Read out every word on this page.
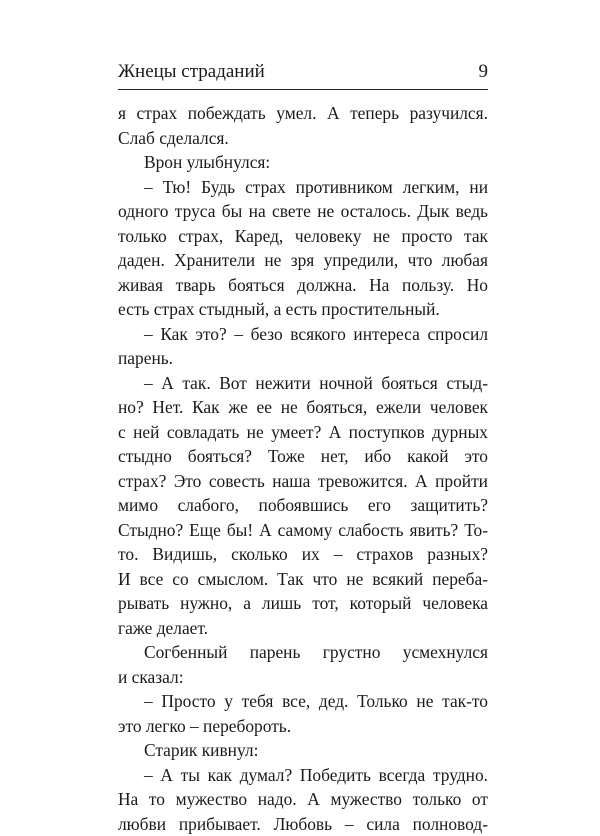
Жнецы страданий	9
я страх побеждать умел. А теперь разучился.
Слаб сделался.
Врон улыбнулся:
– Тю! Будь страх противником легким, ни
одного труса бы на свете не осталось. Дык ведь
только страх, Каред, человеку не просто так
даден. Хранители не зря упредили, что любая
живая тварь бояться должна. На пользу. Но
есть страх стыдный, а есть простительный.
– Как это? – безо всякого интереса спросил
парень.
– А так. Вот нежити ночной бояться стыд-
но? Нет. Как же ее не бояться, ежели человек
с ней совладать не умеет? А поступков дурных
стыдно бояться? Тоже нет, ибо какой это
страх? Это совесть наша тревожится. А пройти
мимо слабого, побоявшись его защитить?
Стыдно? Еще бы! А самому слабость явить? То-
то. Видишь, сколько их – страхов разных?
И все со смыслом. Так что не всякий переба-
рывать нужно, а лишь тот, который человека
гаже делает.
Согбенный парень грустно усмехнулся
и сказал:
– Просто у тебя все, дед. Только не так-то
это легко – перебороть.
Старик кивнул:
– А ты как думал? Победить всегда трудно.
На то мужество надо. А мужество только от
любви прибывает. Любовь – сила полновод-
